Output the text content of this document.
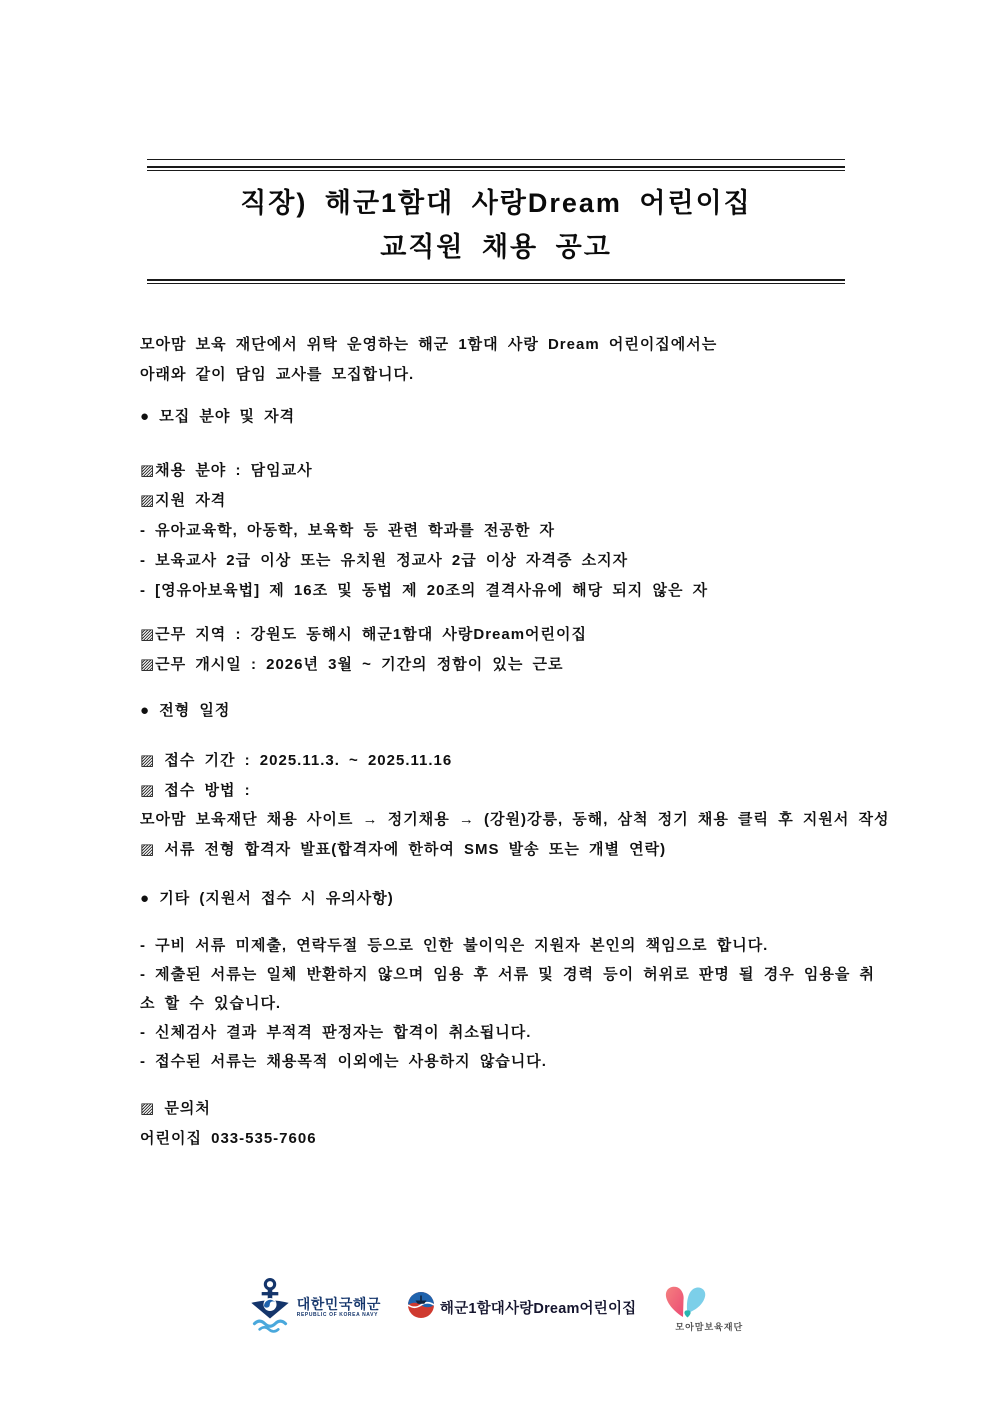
직장) 해군1함대 사랑Dream 어린이집
교직원 채용 공고
모아맘 보육 재단에서 위탁 운영하는 해군 1함대 사랑 Dream 어린이집에서는
아래와 같이 담임 교사를 모집합니다.
● 모집 분야 및 자격
▨채용 분야 : 담임교사
▨지원 자격
- 유아교육학, 아동학, 보육학 등 관련 학과를 전공한 자
- 보육교사 2급 이상 또는 유치원 정교사 2급 이상 자격증 소지자
- [영유아보육법] 제 16조 및 동법 제 20조의 결격사유에 해당 되지 않은 자
▨근무 지역 : 강원도 동해시 해군1함대 사랑Dream어린이집
▨근무 개시일 : 2026년 3월 ~ 기간의 정함이 있는 근로
● 전형 일정
▨ 접수 기간 : 2025.11.3. ~ 2025.11.16
▨ 접수 방법 :
모아맘 보육재단 채용 사이트 → 정기채용 → (강원)강릉, 동해, 삼척 정기 채용 클릭 후 지원서 작성
▨ 서류 전형 합격자 발표(합격자에 한하여 SMS 발송 또는 개별 연락)
● 기타 (지원서 접수 시 유의사항)
- 구비 서류 미제출, 연락두절 등으로 인한 불이익은 지원자 본인의 책임으로 합니다.
- 제출된 서류는 일체 반환하지 않으며 임용 후 서류 및 경력 등이 허위로 판명 될 경우 임용을 취
소 할 수 있습니다.
- 신체검사 결과 부적격 판정자는 합격이 취소됩니다.
- 접수된 서류는 채용목적 이외에는 사용하지 않습니다.
▨ 문의처
어린이집 033-535-7606
대한민국해군
REPUBLIC OF KOREA NAVY	해군1함대사랑Dream어린이집
모아맘보육재단
